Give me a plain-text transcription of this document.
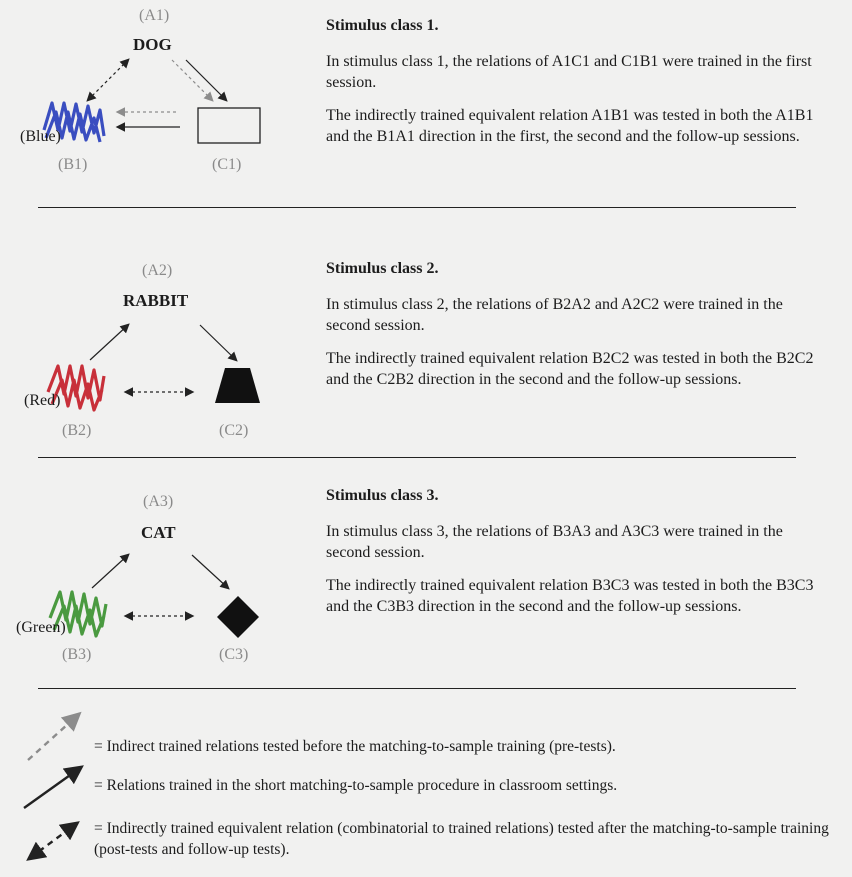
(A1)
DOG
(Blue)
(B1)	(C1)
Stimulus class 1.
In stimulus class 1, the relations of A1C1 and C1B1 were trained in the first session.
The indirectly trained equivalent relation A1B1 was tested in both the A1B1 and the B1A1 direction in the first, the second and the follow-up sessions.
(A2)
RABBIT
(Red)
(B2)	(C2)
Stimulus class 2.
In stimulus class 2, the relations of B2A2 and A2C2 were trained in the second session.
The indirectly trained equivalent relation B2C2 was tested in both the B2C2 and the C2B2 direction in the second and the follow-up sessions.
(A3)
CAT
(Green)
(B3)	(C3)
Stimulus class 3.
In stimulus class 3, the relations of B3A3 and A3C3 were trained in the second session.
The indirectly trained equivalent relation B3C3 was tested in both the B3C3 and the C3B3 direction in the second and the follow-up sessions.
= Indirect trained relations tested before the matching-to-sample training (pre-tests).
= Relations trained in the short matching-to-sample procedure in classroom settings.
= Indirectly trained equivalent relation (combinatorial to trained relations) tested after the matching-to-sample training (post-tests and follow-up tests).
